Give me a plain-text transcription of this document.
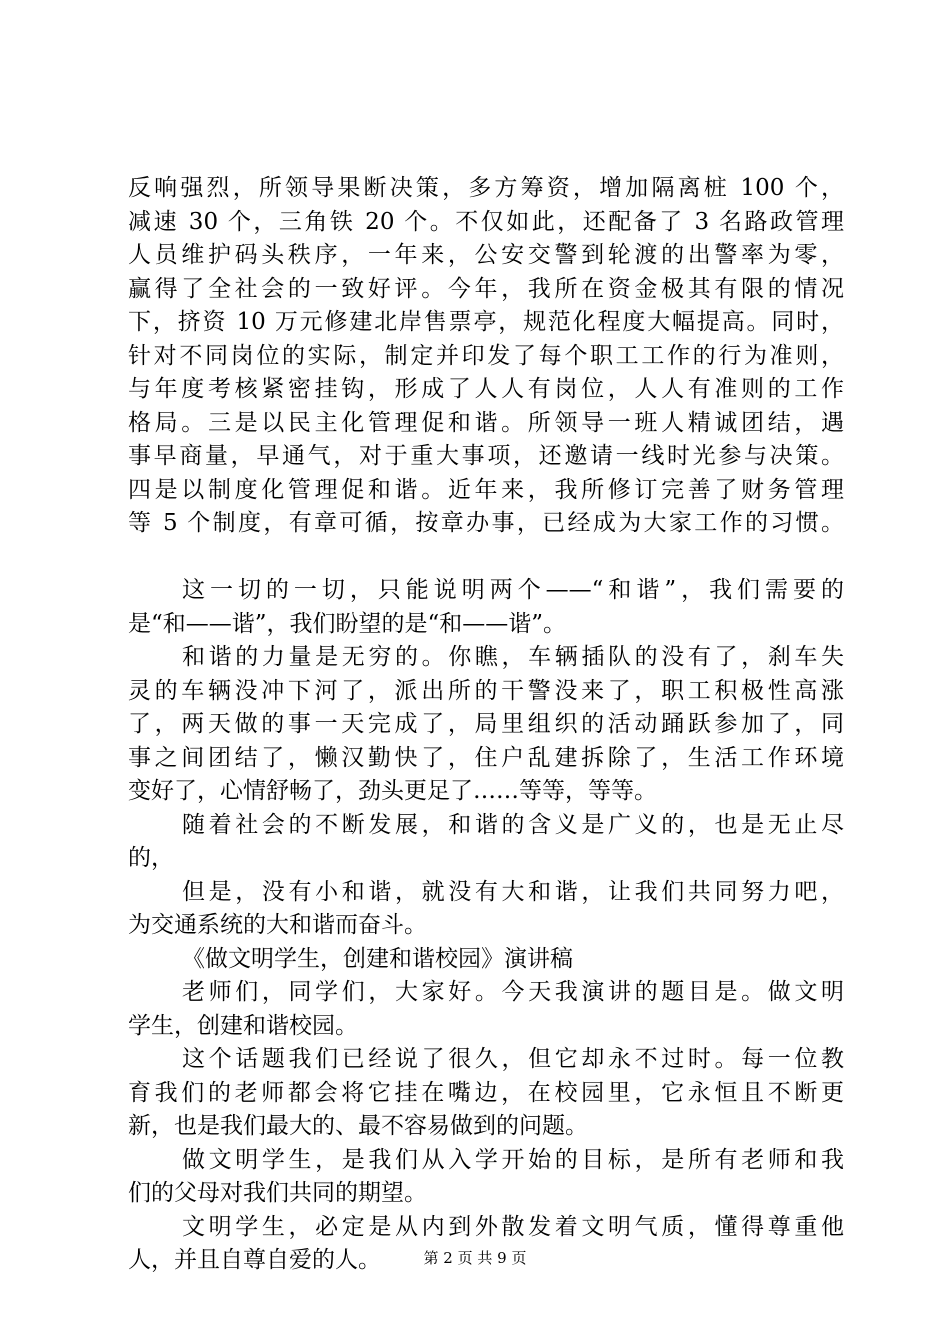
反响强烈，所领导果断决策，多方筹资，增加隔离桩 100 个，
减速 30 个，三角铁 20 个。不仅如此，还配备了 3 名路政管理
人员维护码头秩序，一年来，公安交警到轮渡的出警率为零，
赢得了全社会的一致好评。今年，我所在资金极其有限的情况
下，挤资 10 万元修建北岸售票亭，规范化程度大幅提高。同时，
针对不同岗位的实际，制定并印发了每个职工工作的行为准则，
与年度考核紧密挂钩，形成了人人有岗位，人人有准则的工作
格局。三是以民主化管理促和谐。所领导一班人精诚团结，遇
事早商量，早通气，对于重大事项，还邀请一线时光参与决策。
四是以制度化管理促和谐。近年来，我所修订完善了财务管理
等 5 个制度，有章可循，按章办事，已经成为大家工作的习惯。
这一切的一切，只能说明两个——“和谐”，我们需要的
是“和——谐”，我们盼望的是“和——谐”。
和谐的力量是无穷的。你瞧，车辆插队的没有了，刹车失
灵的车辆没冲下河了，派出所的干警没来了，职工积极性高涨
了，两天做的事一天完成了，局里组织的活动踊跃参加了，同
事之间团结了，懒汉勤快了，住户乱建拆除了，生活工作环境
变好了，心情舒畅了，劲头更足了……等等，等等。
随着社会的不断发展，和谐的含义是广义的，也是无止尽
的，
但是，没有小和谐，就没有大和谐，让我们共同努力吧，
为交通系统的大和谐而奋斗。
《做文明学生，创建和谐校园》演讲稿
老师们，同学们，大家好。今天我演讲的题目是。做文明
学生，创建和谐校园。
这个话题我们已经说了很久，但它却永不过时。每一位教
育我们的老师都会将它挂在嘴边，在校园里，它永恒且不断更
新，也是我们最大的、最不容易做到的问题。
做文明学生，是我们从入学开始的目标，是所有老师和我
们的父母对我们共同的期望。
文明学生，必定是从内到外散发着文明气质，懂得尊重他
人，并且自尊自爱的人。	第 2 页 共 9 页
